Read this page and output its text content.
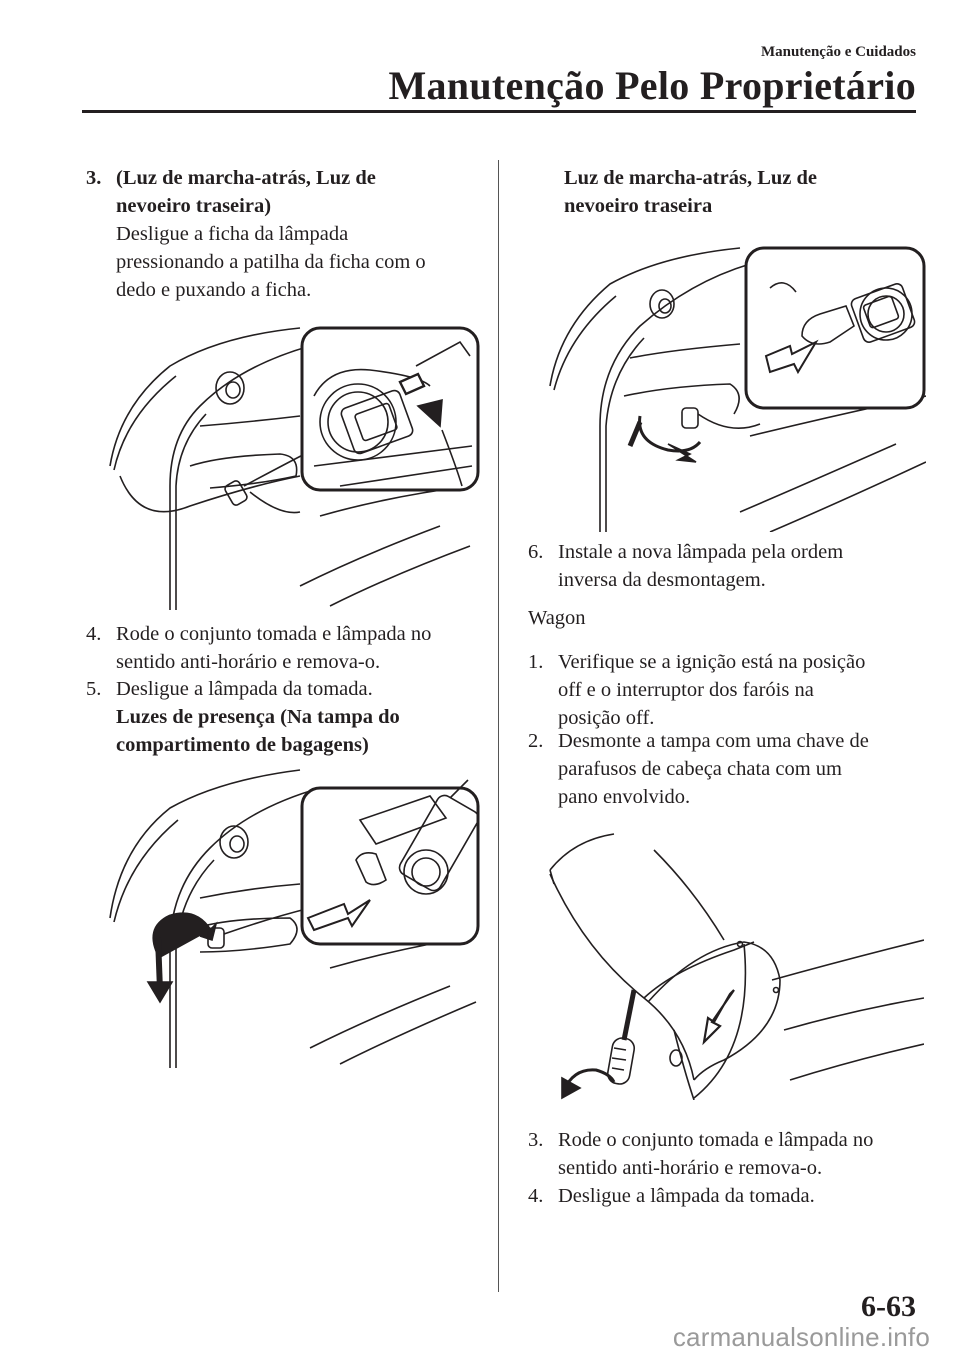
Manutenção e Cuidados
Manutenção Pelo Proprietário
3. (Luz de marcha-atrás, Luz de
nevoeiro traseira)
Desligue a ficha da lâmpada
pressionando a patilha da ficha com o
dedo e puxando a ficha.
4. Rode o conjunto tomada e lâmpada no
sentido anti-horário e remova-o.
5. Desligue a lâmpada da tomada.
Luzes de presença (Na tampa do
compartimento de bagagens)
Luz de marcha-atrás, Luz de
nevoeiro traseira
6. Instale a nova lâmpada pela ordem
inversa da desmontagem.
Wagon
1. Verifique se a ignição está na posição
off e o interruptor dos faróis na
posição off.
2. Desmonte a tampa com uma chave de
parafusos de cabeça chata com um
pano envolvido.
3. Rode o conjunto tomada e lâmpada no
sentido anti-horário e remova-o.
4. Desligue a lâmpada da tomada.
6-63
carmanualsonline.info
